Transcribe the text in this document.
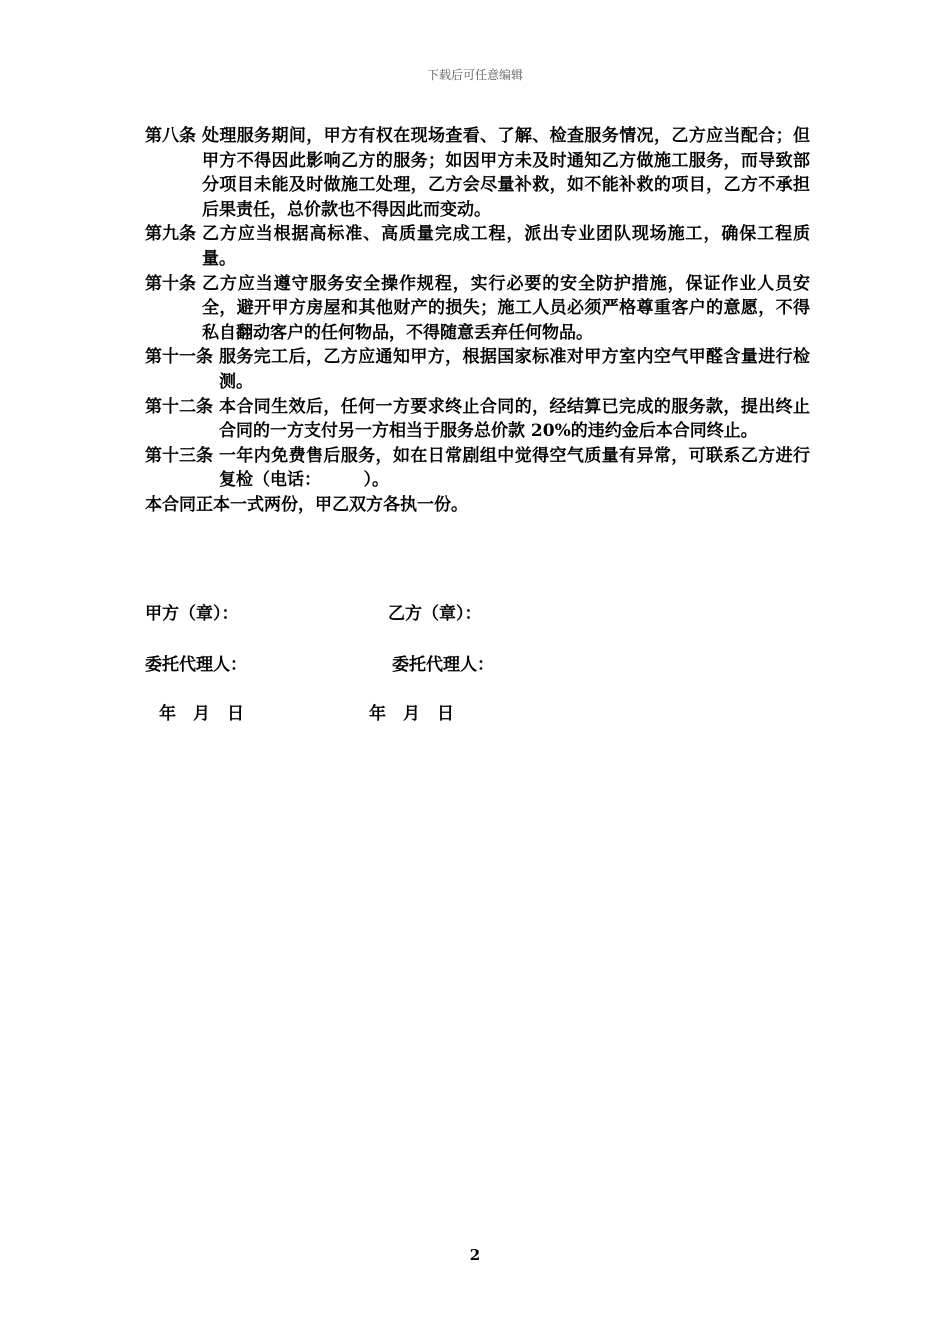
下载后可任意编辑
第八条 处理服务期间，甲方有权在现场查看、了解、检查服务情况，乙方应当配合；但甲方不得因此影响乙方的服务；如因甲方未及时通知乙方做施工服务，而导致部分项目未能及时做施工处理，乙方会尽量补救，如不能补救的项目，乙方不承担后果责任，总价款也不得因此而变动。
第九条 乙方应当根据高标准、高质量完成工程，派出专业团队现场施工，确保工程质量。
第十条 乙方应当遵守服务安全操作规程，实行必要的安全防护措施，保证作业人员安全，避开甲方房屋和其他财产的损失；施工人员必须严格尊重客户的意愿，不得私自翻动客户的任何物品，不得随意丢弃任何物品。
第十一条 服务完工后，乙方应通知甲方，根据国家标准对甲方室内空气甲醛含量进行检测。
第十二条 本合同生效后，任何一方要求终止合同的，经结算已完成的服务款，提出终止合同的一方支付另一方相当于服务总价款 20%的违约金后本合同终止。
第十三条 一年内免费售后服务，如在日常剧组中觉得空气质量有异常，可联系乙方进行复检（电话：　　　）。

本合同正本一式两份，甲乙双方各执一份。

甲方（章）：	乙方（章）：
委托代理人：	委托代理人：
年 月 日	年 月 日
2
